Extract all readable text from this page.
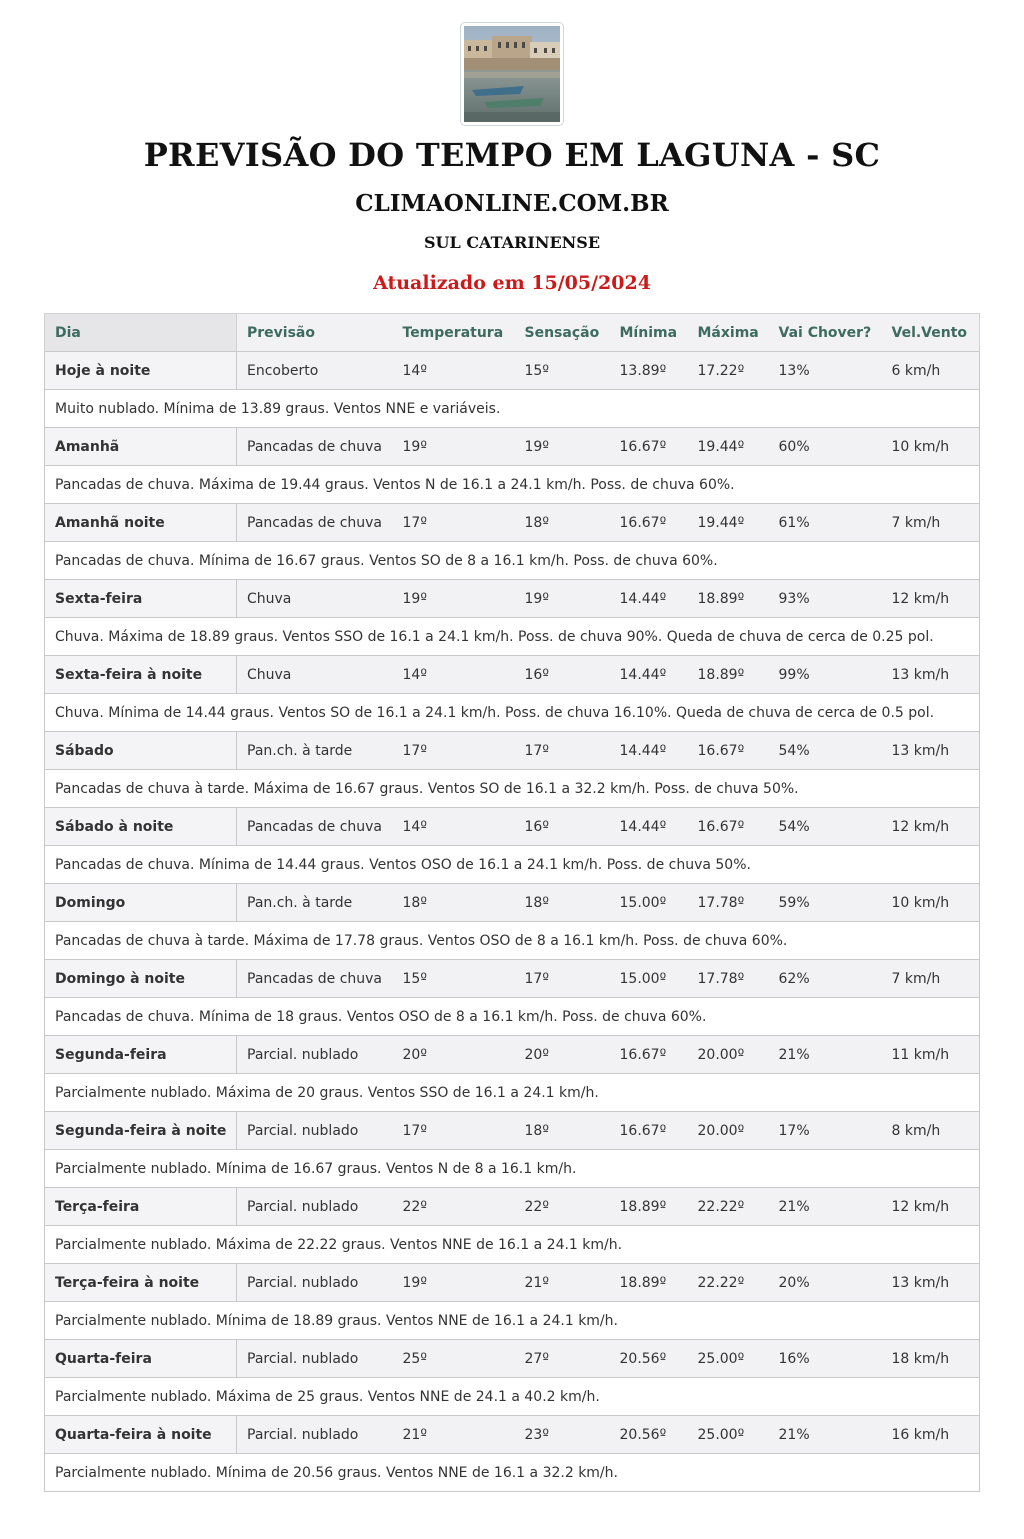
PREVISÃO DO TEMPO EM LAGUNA - SC
CLIMAONLINE.COM.BR
SUL CATARINENSE
Atualizado em 15/05/2024
Dia	Previsão	Temperatura	Sensação	Mínima	Máxima	Vai Chover?	Vel.Vento
Hoje à noite	Encoberto	14º	15º	13.89º	17.22º	13%	6 km/h
Muito nublado. Mínima de 13.89 graus. Ventos NNE e variáveis.							
Amanhã	Pancadas de chuva	19º	19º	16.67º	19.44º	60%	10 km/h
Pancadas de chuva. Máxima de 19.44 graus. Ventos N de 16.1 a 24.1 km/h. Poss. de chuva 60%.							
Amanhã noite	Pancadas de chuva	17º	18º	16.67º	19.44º	61%	7 km/h
Pancadas de chuva. Mínima de 16.67 graus. Ventos SO de 8 a 16.1 km/h. Poss. de chuva 60%.							
Sexta-feira	Chuva	19º	19º	14.44º	18.89º	93%	12 km/h
Chuva. Máxima de 18.89 graus. Ventos SSO de 16.1 a 24.1 km/h. Poss. de chuva 90%. Queda de chuva de cerca de 0.25 pol.							
Sexta-feira à noite	Chuva	14º	16º	14.44º	18.89º	99%	13 km/h
Chuva. Mínima de 14.44 graus. Ventos SO de 16.1 a 24.1 km/h. Poss. de chuva 16.10%. Queda de chuva de cerca de 0.5 pol.							
Sábado	Pan.ch. à tarde	17º	17º	14.44º	16.67º	54%	13 km/h
Pancadas de chuva à tarde. Máxima de 16.67 graus. Ventos SO de 16.1 a 32.2 km/h. Poss. de chuva 50%.							
Sábado à noite	Pancadas de chuva	14º	16º	14.44º	16.67º	54%	12 km/h
Pancadas de chuva. Mínima de 14.44 graus. Ventos OSO de 16.1 a 24.1 km/h. Poss. de chuva 50%.							
Domingo	Pan.ch. à tarde	18º	18º	15.00º	17.78º	59%	10 km/h
Pancadas de chuva à tarde. Máxima de 17.78 graus. Ventos OSO de 8 a 16.1 km/h. Poss. de chuva 60%.							
Domingo à noite	Pancadas de chuva	15º	17º	15.00º	17.78º	62%	7 km/h
Pancadas de chuva. Mínima de 18 graus. Ventos OSO de 8 a 16.1 km/h. Poss. de chuva 60%.							
Segunda-feira	Parcial. nublado	20º	20º	16.67º	20.00º	21%	11 km/h
Parcialmente nublado. Máxima de 20 graus. Ventos SSO de 16.1 a 24.1 km/h.							
Segunda-feira à noite	Parcial. nublado	17º	18º	16.67º	20.00º	17%	8 km/h
Parcialmente nublado. Mínima de 16.67 graus. Ventos N de 8 a 16.1 km/h.							
Terça-feira	Parcial. nublado	22º	22º	18.89º	22.22º	21%	12 km/h
Parcialmente nublado. Máxima de 22.22 graus. Ventos NNE de 16.1 a 24.1 km/h.							
Terça-feira à noite	Parcial. nublado	19º	21º	18.89º	22.22º	20%	13 km/h
Parcialmente nublado. Mínima de 18.89 graus. Ventos NNE de 16.1 a 24.1 km/h.							
Quarta-feira	Parcial. nublado	25º	27º	20.56º	25.00º	16%	18 km/h
Parcialmente nublado. Máxima de 25 graus. Ventos NNE de 24.1 a 40.2 km/h.							
Quarta-feira à noite	Parcial. nublado	21º	23º	20.56º	25.00º	21%	16 km/h
Parcialmente nublado. Mínima de 20.56 graus. Ventos NNE de 16.1 a 32.2 km/h.							
